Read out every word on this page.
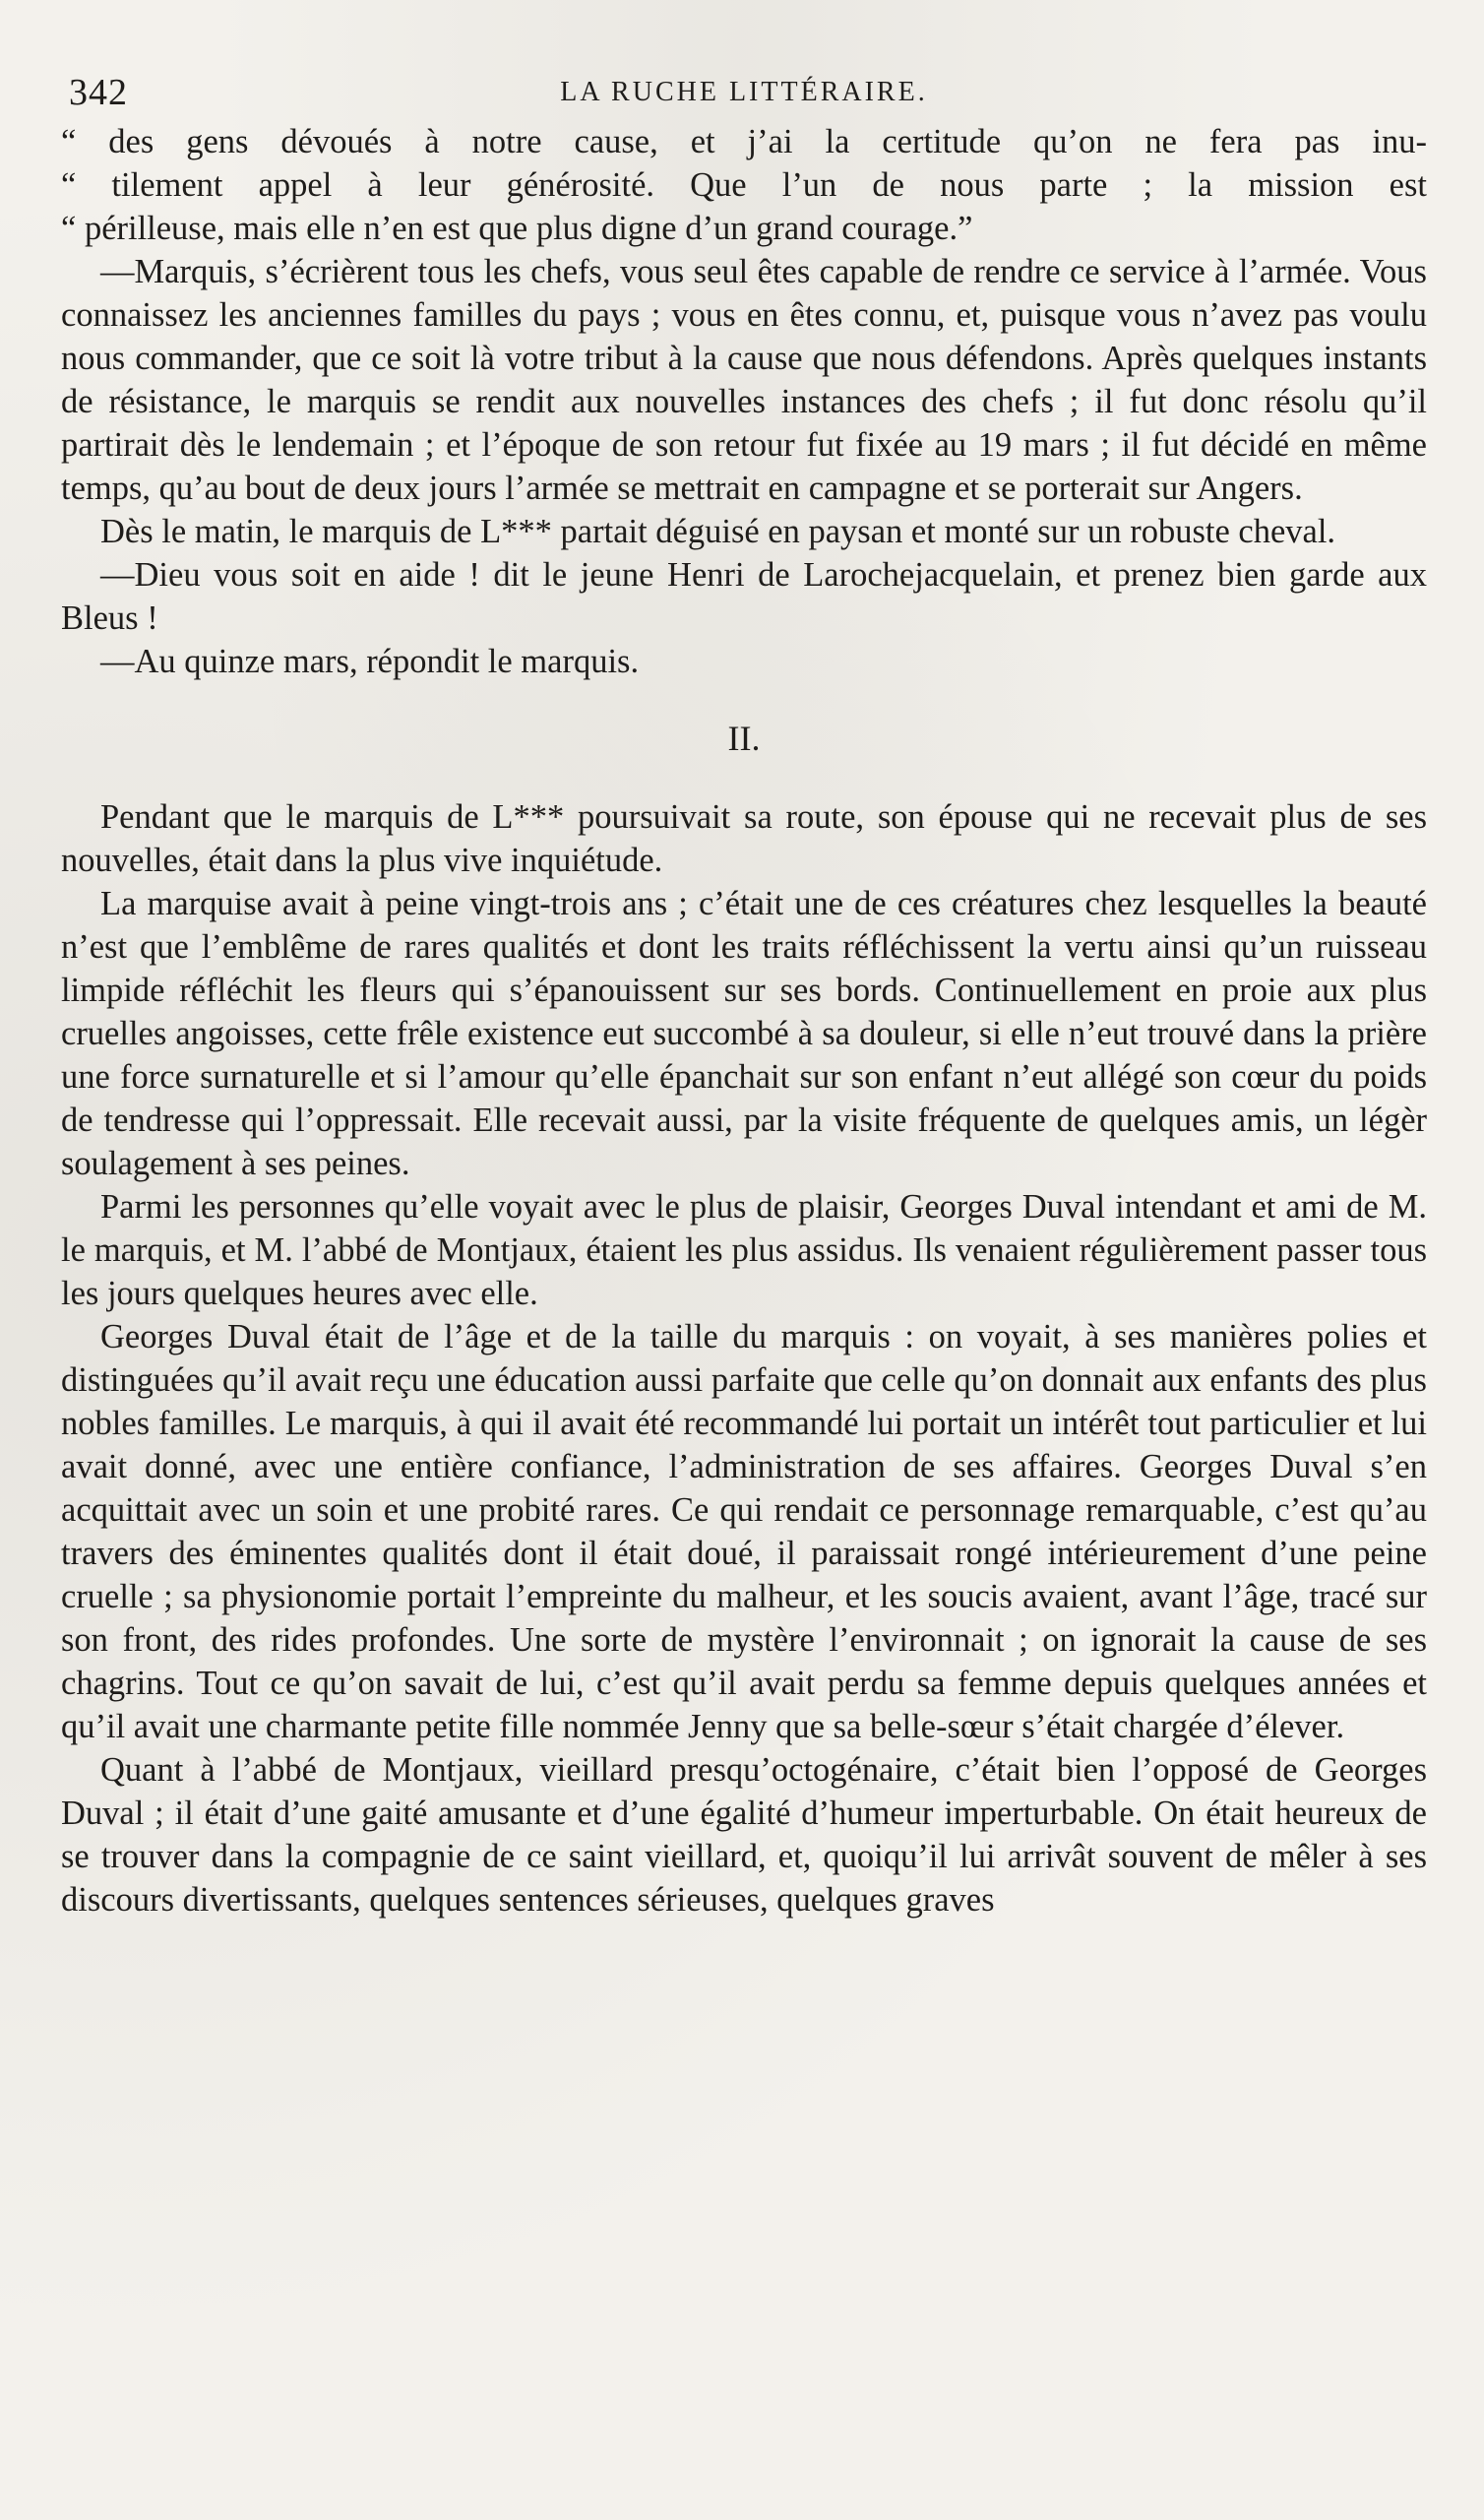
342	LA RUCHE LITTÉRAIRE.
“ des gens dévoués à notre cause, et j’ai la certitude qu’on ne fera pas inu-
“ tilement appel à leur générosité. Que l’un de nous parte ; la mission est
“ périlleuse, mais elle n’en est que plus digne d’un grand courage.”

—Marquis, s’écrièrent tous les chefs, vous seul êtes capable de rendre ce service à l’armée. Vous connaissez les anciennes familles du pays ; vous en êtes connu, et, puisque vous n’avez pas voulu nous commander, que ce soit là votre tribut à la cause que nous défendons. Après quelques instants de résistance, le marquis se rendit aux nouvelles instances des chefs ; il fut donc résolu qu’il partirait dès le lendemain ; et l’époque de son retour fut fixée au 19 mars ; il fut décidé en même temps, qu’au bout de deux jours l’armée se mettrait en campagne et se porterait sur Angers.

Dès le matin, le marquis de L*** partait déguisé en paysan et monté sur un robuste cheval.

—Dieu vous soit en aide ! dit le jeune Henri de Larochejacquelain, et prenez bien garde aux Bleus !

—Au quinze mars, répondit le marquis.

II.

Pendant que le marquis de L*** poursuivait sa route, son épouse qui ne recevait plus de ses nouvelles, était dans la plus vive inquiétude.

La marquise avait à peine vingt-trois ans ; c’était une de ces créatures chez lesquelles la beauté n’est que l’emblême de rares qualités et dont les traits réfléchissent la vertu ainsi qu’un ruisseau limpide réfléchit les fleurs qui s’épanouissent sur ses bords. Continuellement en proie aux plus cruelles angoisses, cette frêle existence eut succombé à sa douleur, si elle n’eut trouvé dans la prière une force surnaturelle et si l’amour qu’elle épanchait sur son enfant n’eut allégé son cœur du poids de tendresse qui l’oppressait. Elle recevait aussi, par la visite fréquente de quelques amis, un légèr soulagement à ses peines.

Parmi les personnes qu’elle voyait avec le plus de plaisir, Georges Duval intendant et ami de M. le marquis, et M. l’abbé de Montjaux, étaient les plus assidus. Ils venaient régulièrement passer tous les jours quelques heures avec elle.

Georges Duval était de l’âge et de la taille du marquis : on voyait, à ses manières polies et distinguées qu’il avait reçu une éducation aussi parfaite que celle qu’on donnait aux enfants des plus nobles familles. Le marquis, à qui il avait été recommandé lui portait un intérêt tout particulier et lui avait donné, avec une entière confiance, l’administration de ses affaires. Georges Duval s’en acquittait avec un soin et une probité rares. Ce qui rendait ce personnage remarquable, c’est qu’au travers des éminentes qualités dont il était doué, il paraissait rongé intérieurement d’une peine cruelle ; sa physionomie portait l’empreinte du malheur, et les soucis avaient, avant l’âge, tracé sur son front, des rides profondes. Une sorte de mystère l’environnait ; on ignorait la cause de ses chagrins. Tout ce qu’on savait de lui, c’est qu’il avait perdu sa femme depuis quelques années et qu’il avait une charmante petite fille nommée Jenny que sa belle-sœur s’était chargée d’élever.

Quant à l’abbé de Montjaux, vieillard presqu’octogénaire, c’était bien l’opposé de Georges Duval ; il était d’une gaité amusante et d’une égalité d’humeur imperturbable. On était heureux de se trouver dans la compagnie de ce saint vieillard, et, quoiqu’il lui arrivât souvent de mêler à ses discours divertissants, quelques sentences sérieuses, quelques graves
